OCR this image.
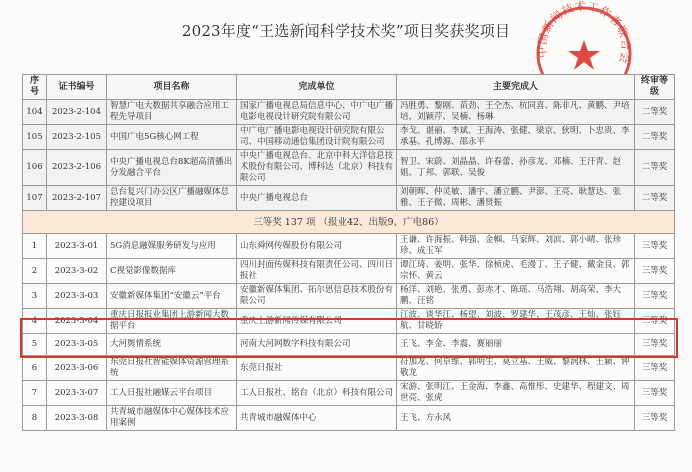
2023年度“王选新闻科学技术奖”项目奖获奖项目
中国新闻技术工作者联合会
序号	证书编号	项目名称	完成单位	主要完成人	终审等级
104	2023-2-104	智慧广电大数据共享融合应用工程先导项目	国家广播电视总局信息中心、中广电广播电影电视设计研究院有限公司	冯胜勇、黎刚、苗劲、王仝杰、杭同喜、陈非凡、黄鹏、尹培培、刘颖芹、吴楠、杨琳	二等奖
105	2023-2-105	中国广电5G核心网工程	中广电广播电影电视设计研究院有限公司、中国移动通信集团设计院有限公司	李戈、谌丽、李斌、王海涛、张健、梁京、狄明、卜忠贵、李承基、孔博源、邵永平	二等奖
106	2023-2-106	中央广播电视总台8K超高清播出分发融合平台	中央广播电视总台、北京中科大洋信息技术股份有限公司、博科达（北京）科技有限公司	智卫、宋蔚、刘晶晶、许春蕾、孙彦龙、邓楠、王汗青、赵姐、丁邦、郭联、吴俊	二等奖
107	2023-2-107	总台复兴门办公区广播融媒体总控建设项目	中央广播电视总台	刘朝晖、仲灵敏、潘宇、潘立鹏、尹澎、王亮、耿慧达、张雅、王子微、周彬、潘贤振	二等奖
三等奖 137 项 （报业42、出版9、广电86）					
1	2023-3-01	5G消息融媒服务研发与应用	山东舜网传媒股份有限公司	王谦、许海振、韩强、金帼、马家辉、刘滨、郭小晴、张珍珍、成玉军	三等奖
2	2023-3-02	C视觉影像数据库	四川封面传媒科技有限责任公司、四川日报社	谭江琦、姜明、张华、徐桢虎、毛漫丁、王子健、戴金良、郭宗怀、黄云	三等奖
3	2023-3-03	安徽新媒体集团“安徽云”平台	安徽新媒体集团、拓尔思信息技术股份有限公司	杨洋、刘艳、张勇、彭赤才、陈瑶、马浩翔、胡高荣、李大鹏、汪铭	三等奖
4	2023-3-04	重庆日报报业集团上游新闻大数据平台	重庆上游新闻传媒有限公司	江波、谈华江、杨望、刘波、罗建华、王茂彦、王灿、张钰航、甘晓娇	三等奖
5	2023-3-05	大河舆情系统	河南大河网数字科技有限公司	王飞、李金、李震、赛丽丽	三等奖
6	2023-3-06	东莞日报社智能媒体资源管理系统	东莞日报社	符加龙、何卓维、郭明生、莫立基、王威、黎润林、王颖、钟敬龙	三等奖
7	2023-3-07	工人日报社融媒云平台项目	工人日报社、铭台（北京）科技有限公司	宋游、张明江、王金海、李鑫、高惟彤、史建华、程建文、周世亮、张虎	三等奖
8	2023-3-08	共青城市融媒体中心媒体技术应用案例	共青城市融媒体中心	王飞、方永风	三等奖
